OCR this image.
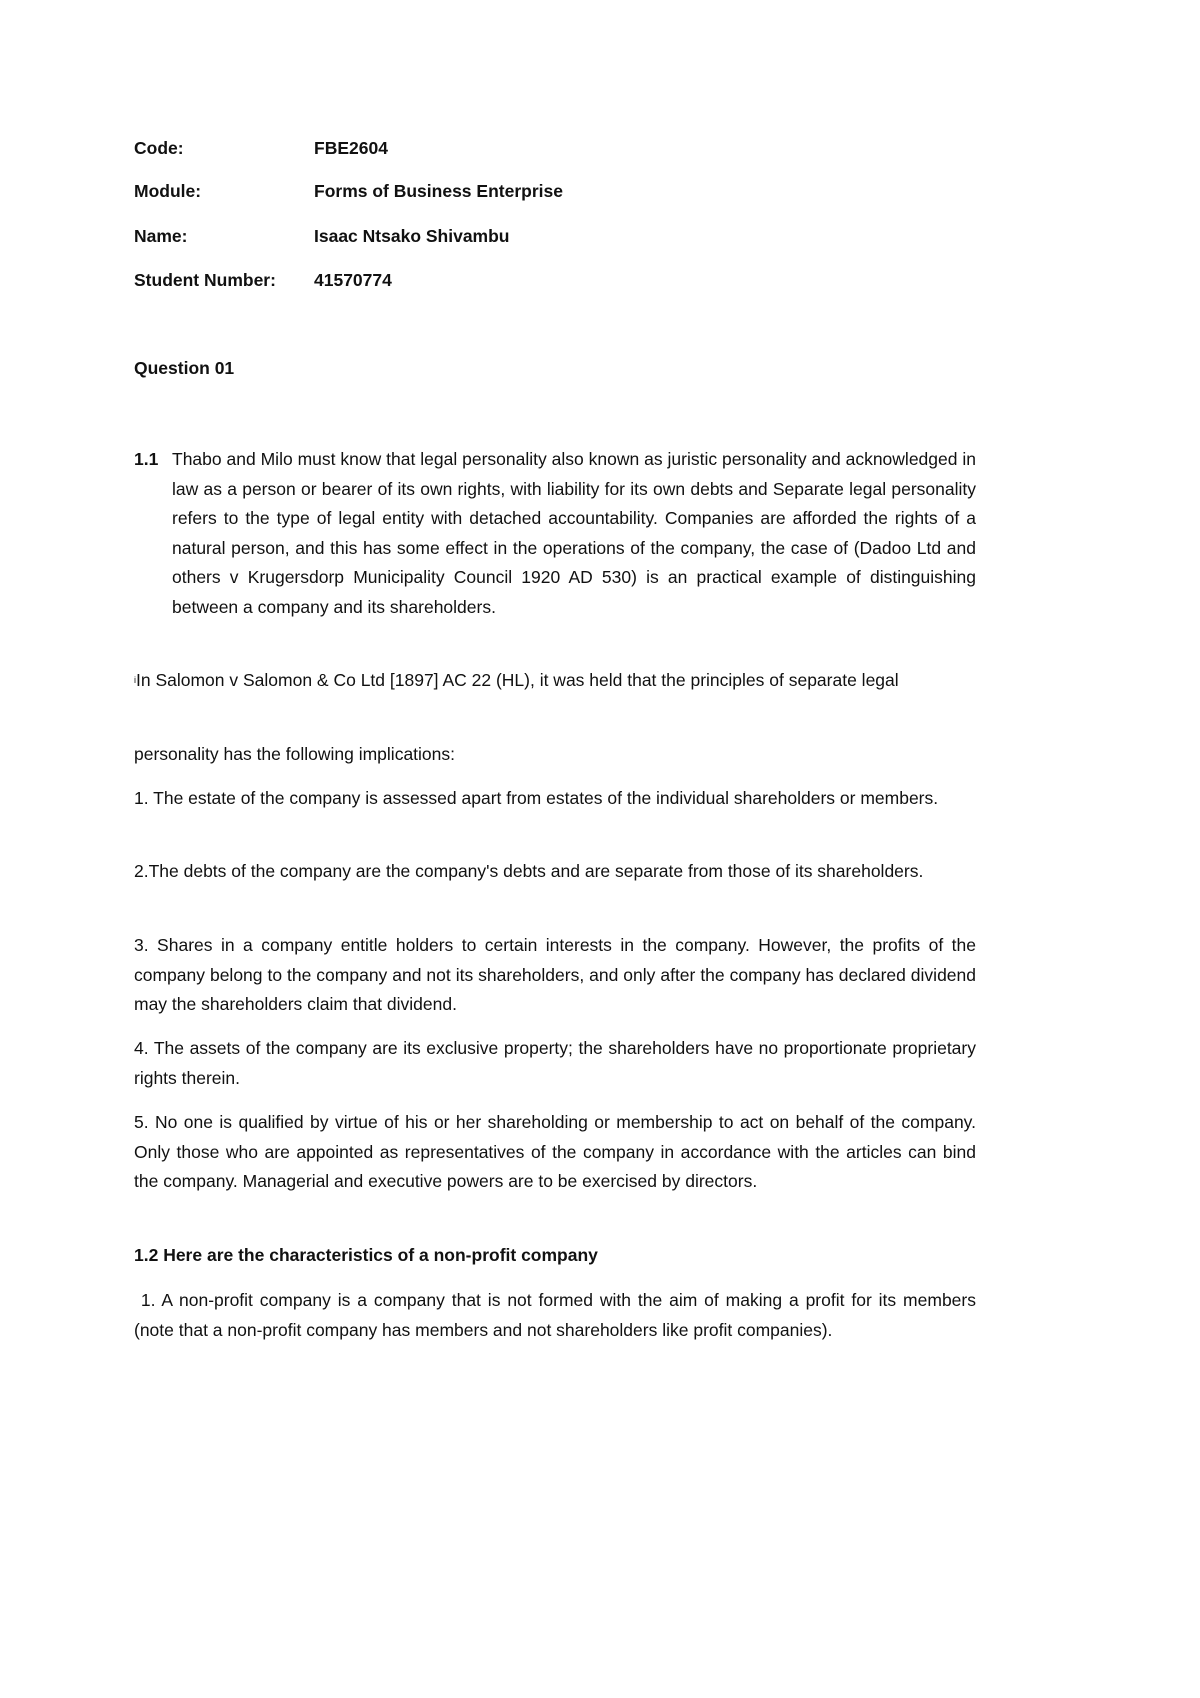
Code:	FBE2604
Module:	Forms of Business Enterprise
Name:	Isaac Ntsako Shivambu
Student Number: 41570774
Question 01
1.1 Thabo and Milo must know that legal personality also known as juristic personality and acknowledged in law as a person or bearer of its own rights, with liability for its own debts and Separate legal personality refers to the type of legal entity with detached accountability. Companies are afforded the rights of a natural person, and this has some effect in the operations of the company, the case of (Dadoo Ltd and others v Krugersdorp Municipality Council 1920 AD 530) is an practical example of distinguishing between a company and its shareholders.

$^i$In Salomon v Salomon & Co Ltd [1897] AC 22 (HL), it was held that the principles of separate legal

personality has the following implications:

1. The estate of the company is assessed apart from estates of the individual shareholders or members.

2.The debts of the company are the company's debts and are separate from those of its shareholders.

3. Shares in a company entitle holders to certain interests in the company. However, the profits of the company belong to the company and not its shareholders, and only after the company has declared dividend may the shareholders claim that dividend.

4. The assets of the company are its exclusive property; the shareholders have no proportionate proprietary rights therein.

5. No one is qualified by virtue of his or her shareholding or membership to act on behalf of the company. Only those who are appointed as representatives of the company in accordance with the articles can bind the company. Managerial and executive powers are to be exercised by directors.

1.2 Here are the characteristics of a non-profit company

1. A non-profit company is a company that is not formed with the aim of making a profit for its members (note that a non-profit company has members and not shareholders like profit companies).
